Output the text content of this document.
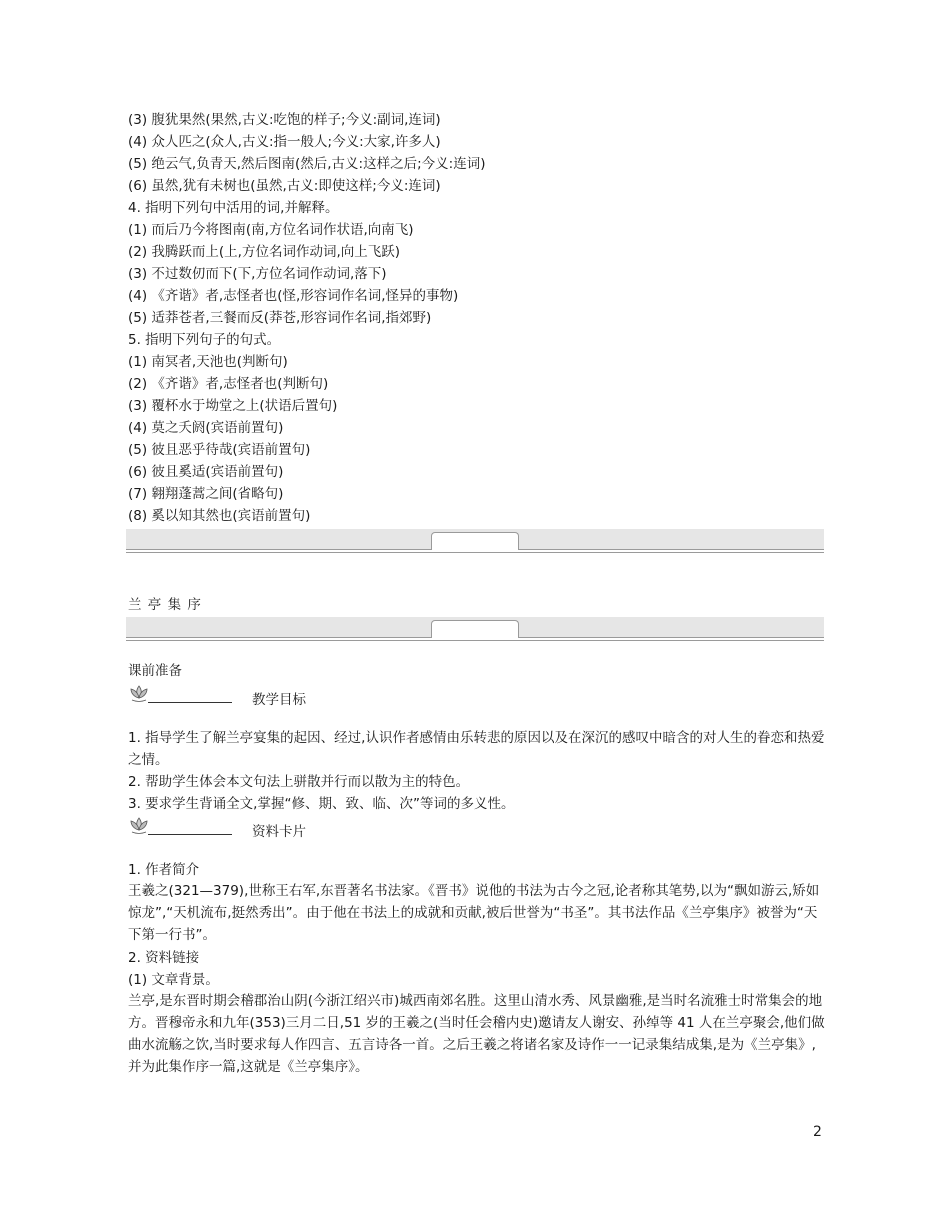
(3) 腹犹果然(果然,古义:吃饱的样子;今义:副词,连词)
(4) 众人匹之(众人,古义:指一般人;今义:大家,许多人)
(5) 绝云气,负青天,然后图南(然后,古义:这样之后;今义:连词)
(6) 虽然,犹有未树也(虽然,古义:即使这样;今义:连词)
4. 指明下列句中活用的词,并解释。
(1) 而后乃今将图南(南,方位名词作状语,向南飞)
(2) 我腾跃而上(上,方位名词作动词,向上飞跃)
(3) 不过数仞而下(下,方位名词作动词,落下)
(4) 《齐谐》者,志怪者也(怪,形容词作名词,怪异的事物)
(5) 适莽苍者,三餐而反(莽苍,形容词作名词,指郊野)
5. 指明下列句子的句式。
(1) 南冥者,天池也(判断句)
(2) 《齐谐》者,志怪者也(判断句)
(3) 覆杯水于坳堂之上(状语后置句)
(4) 莫之夭阏(宾语前置句)
(5) 彼且恶乎待哉(宾语前置句)
(6) 彼且奚适(宾语前置句)
(7) 翱翔蓬蒿之间(省略句)
(8) 奚以知其然也(宾语前置句)
兰 亭 集 序
课前准备
教学目标
1. 指导学生了解兰亭宴集的起因、经过,认识作者感情由乐转悲的原因以及在深沉的感叹中暗含的对人生的眷恋和热爱之情。
2. 帮助学生体会本文句法上骈散并行而以散为主的特色。
3. 要求学生背诵全文,掌握“修、期、致、临、次”等词的多义性。
资料卡片
1. 作者简介
王羲之(321—379),世称王右军,东晋著名书法家。《晋书》说他的书法为古今之冠,论者称其笔势,以为“飘如游云,矫如惊龙”,“天机流布,挺然秀出”。由于他在书法上的成就和贡献,被后世誉为“书圣”。其书法作品《兰亭集序》被誉为“天下第一行书”。
2. 资料链接
(1) 文章背景。
兰亭,是东晋时期会稽郡治山阴(今浙江绍兴市)城西南郊名胜。这里山清水秀、风景幽雅,是当时名流雅士时常集会的地方。晋穆帝永和九年(353)三月二日,51 岁的王羲之(当时任会稽内史)邀请友人谢安、孙绰等 41 人在兰亭聚会,他们做曲水流觞之饮,当时要求每人作四言、五言诗各一首。之后王羲之将诸名家及诗作一一记录集结成集,是为《兰亭集》,并为此集作序一篇,这就是《兰亭集序》。
2
